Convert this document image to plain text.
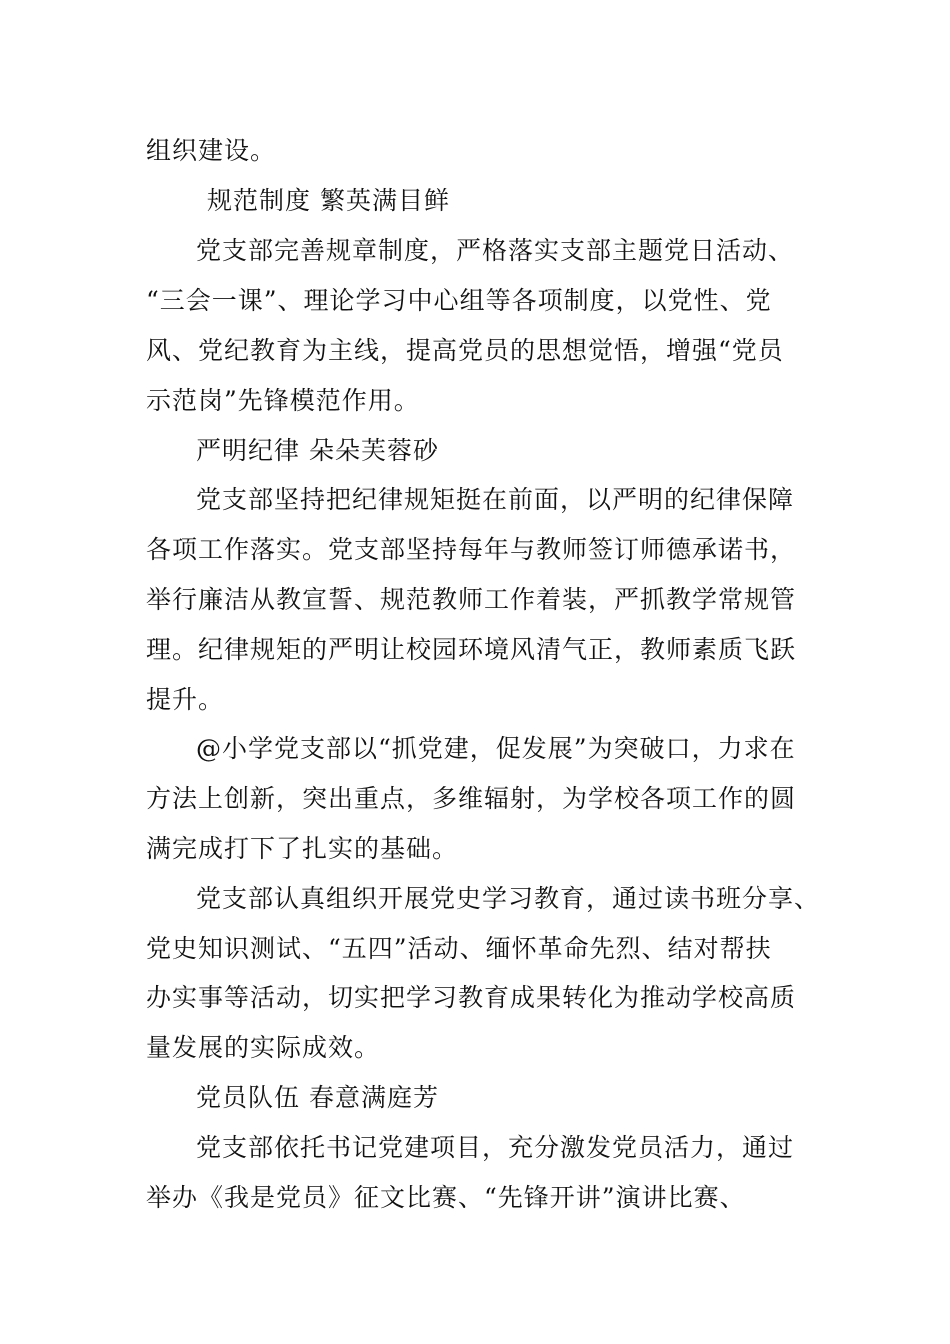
组织建设。
规范制度 繁英满目鲜
党支部完善规章制度，严格落实支部主题党日活动、
“三会一课”、理论学习中心组等各项制度，以党性、党
风、党纪教育为主线，提高党员的思想觉悟，增强“党员
示范岗”先锋模范作用。
严明纪律 朵朵芙蓉砂
党支部坚持把纪律规矩挺在前面，以严明的纪律保障
各项工作落实。党支部坚持每年与教师签订师德承诺书，
举行廉洁从教宣誓、规范教师工作着装，严抓教学常规管
理。纪律规矩的严明让校园环境风清气正，教师素质飞跃
提升。
@小学党支部以“抓党建，促发展”为突破口，力求在
方法上创新，突出重点，多维辐射，为学校各项工作的圆
满完成打下了扎实的基础。
党支部认真组织开展党史学习教育，通过读书班分享、
党史知识测试、“五四”活动、缅怀革命先烈、结对帮扶
办实事等活动，切实把学习教育成果转化为推动学校高质
量发展的实际成效。
党员队伍 春意满庭芳
党支部依托书记党建项目，充分激发党员活力，通过
举办《我是党员》征文比赛、“先锋开讲”演讲比赛、
